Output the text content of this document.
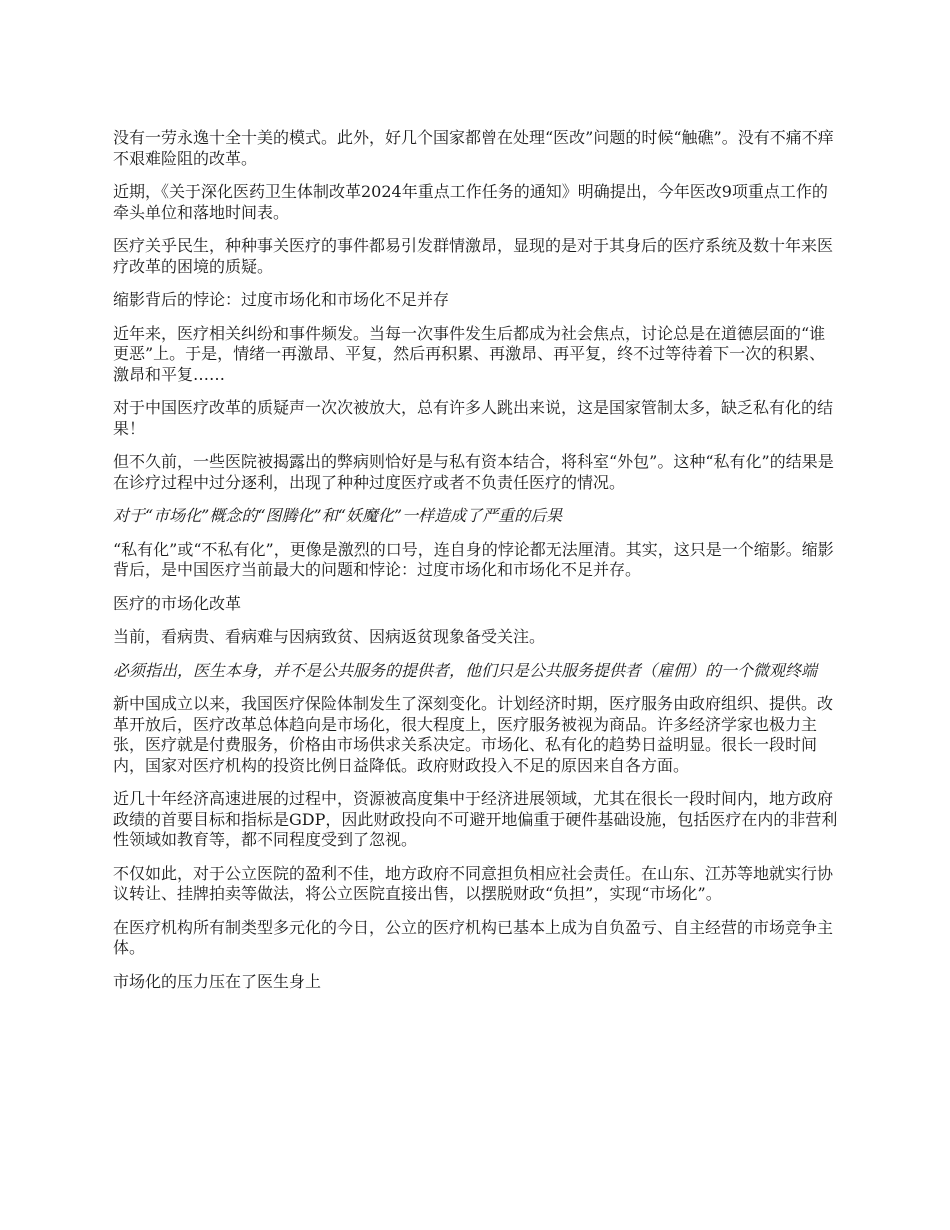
没有一劳永逸十全十美的模式。此外，好几个国家都曾在处理“医改”问题的时候“触礁”。没有不痛不痒不艰难险阻的改革。

近期，《关于深化医药卫生体制改革2024年重点工作任务的通知》明确提出，今年医改9项重点工作的牵头单位和落地时间表。

医疗关乎民生，种种事关医疗的事件都易引发群情激昂，显现的是对于其身后的医疗系统及数十年来医疗改革的困境的质疑。

缩影背后的悖论：过度市场化和市场化不足并存

近年来，医疗相关纠纷和事件频发。当每一次事件发生后都成为社会焦点，讨论总是在道德层面的“谁更恶”上。于是，情绪一再激昂、平复，然后再积累、再激昂、再平复，终不过等待着下一次的积累、激昂和平复……

对于中国医疗改革的质疑声一次次被放大，总有许多人跳出来说，这是国家管制太多，缺乏私有化的结果！

但不久前，一些医院被揭露出的弊病则恰好是与私有资本结合，将科室“外包”。这种“私有化”的结果是在诊疗过程中过分逐利，出现了种种过度医疗或者不负责任医疗的情况。

对于“市场化”概念的“图腾化”和“妖魔化”一样造成了严重的后果

“私有化”或“不私有化”，更像是激烈的口号，连自身的悖论都无法厘清。其实，这只是一个缩影。缩影背后，是中国医疗当前最大的问题和悖论：过度市场化和市场化不足并存。

医疗的市场化改革

当前，看病贵、看病难与因病致贫、因病返贫现象备受关注。

必须指出，医生本身，并不是公共服务的提供者，他们只是公共服务提供者（雇佣）的一个微观终端

新中国成立以来，我国医疗保险体制发生了深刻变化。计划经济时期，医疗服务由政府组织、提供。改革开放后，医疗改革总体趋向是市场化，很大程度上，医疗服务被视为商品。许多经济学家也极力主张，医疗就是付费服务，价格由市场供求关系决定。市场化、私有化的趋势日益明显。很长一段时间内，国家对医疗机构的投资比例日益降低。政府财政投入不足的原因来自各方面。

近几十年经济高速进展的过程中，资源被高度集中于经济进展领域，尤其在很长一段时间内，地方政府政绩的首要目标和指标是GDP，因此财政投向不可避开地偏重于硬件基础设施，包括医疗在内的非营利性领域如教育等，都不同程度受到了忽视。

不仅如此，对于公立医院的盈利不佳，地方政府不同意担负相应社会责任。在山东、江苏等地就实行协议转让、挂牌拍卖等做法，将公立医院直接出售，以摆脱财政“负担”，实现“市场化”。

在医疗机构所有制类型多元化的今日，公立的医疗机构已基本上成为自负盈亏、自主经营的市场竞争主体。

市场化的压力压在了医生身上
